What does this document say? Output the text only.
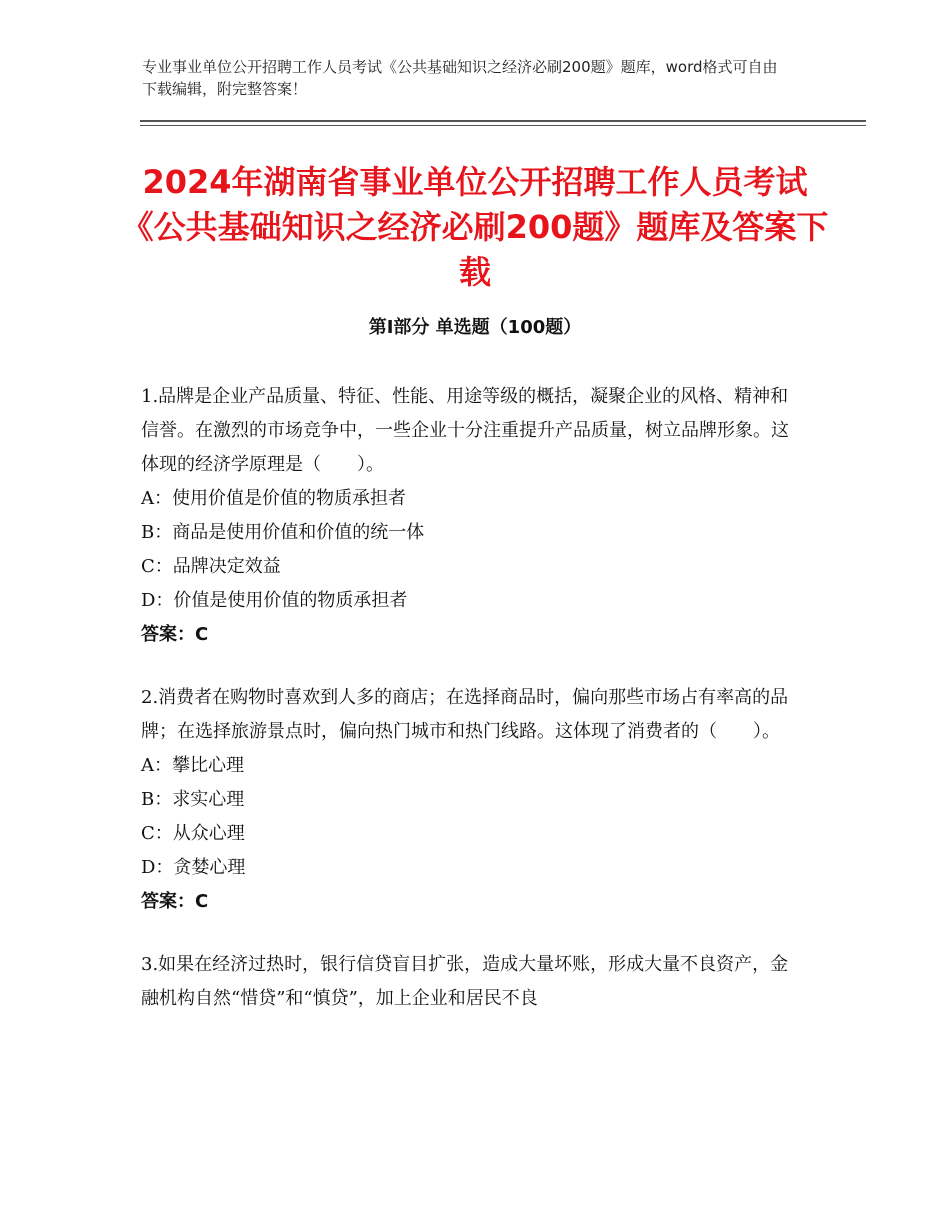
专业事业单位公开招聘工作人员考试《公共基础知识之经济必刷200题》题库，word格式可自由下载编辑，附完整答案！
2024年湖南省事业单位公开招聘工作人员考试《公共基础知识之经济必刷200题》题库及答案下载
第Ⅰ部分 单选题（100题）

1.品牌是企业产品质量、特征、性能、用途等级的概括，凝聚企业的风格、精神和信誉。在激烈的市场竞争中，一些企业十分注重提升产品质量，树立品牌形象。这体现的经济学原理是（　　）。

A：使用价值是价值的物质承担者

B：商品是使用价值和价值的统一体

C：品牌决定效益

D：价值是使用价值的物质承担者

答案：C

2.消费者在购物时喜欢到人多的商店；在选择商品时，偏向那些市场占有率高的品牌；在选择旅游景点时，偏向热门城市和热门线路。这体现了消费者的（　　）。

A：攀比心理

B：求实心理

C：从众心理

D：贪婪心理

答案：C

3.如果在经济过热时，银行信贷盲目扩张，造成大量坏账，形成大量不良资产，金融机构自然“惜贷”和“慎贷”，加上企业和居民不良
